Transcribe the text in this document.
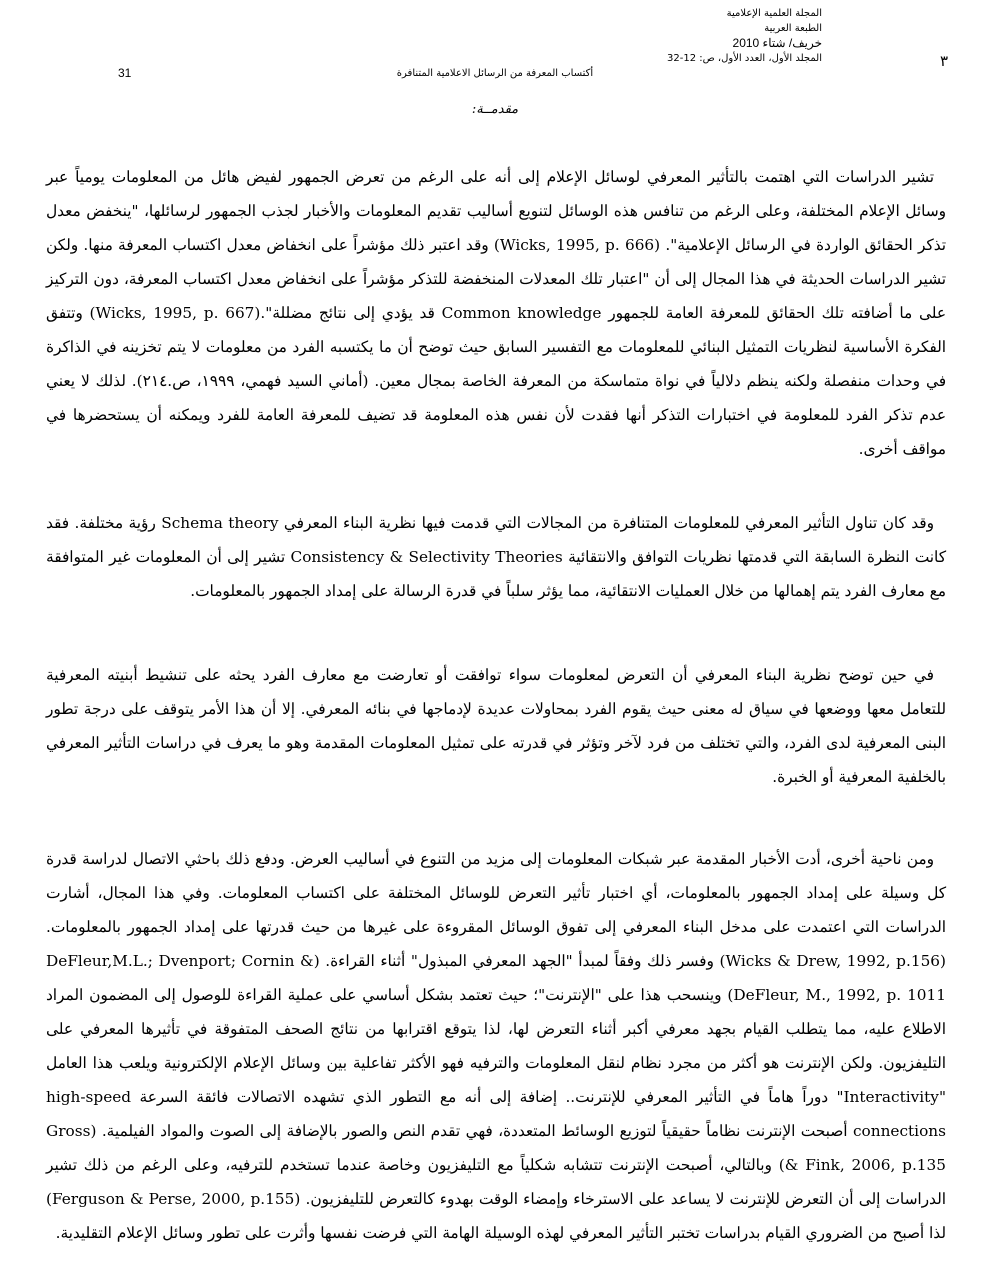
المجلة العلمية الإعلامية
الطبعة العربية
خريف/ شتاء 2010
المجلد الأول، العدد الأول، ص: 12-32	٣
31	أكتساب المعرفة من الرسائل الاعلامية المتنافرة
مقدمــة:

تشير الدراسات التي اهتمت بالتأثير المعرفي لوسائل الإعلام إلى أنه على الرغم من تعرض الجمهور لفيض هائل من المعلومات يومياً عبر وسائل الإعلام المختلفة، وعلى الرغم من تنافس هذه الوسائل لتنويع أساليب تقديم المعلومات والأخبار لجذب الجمهور لرسائلها، "ينخفض معدل تذكر الحقائق الواردة في الرسائل الإعلامية". (Wicks, 1995, p. 666) وقد اعتبر ذلك مؤشراً على انخفاض معدل اكتساب المعرفة منها. ولكن تشير الدراسات الحديثة في هذا المجال إلى أن "اعتبار تلك المعدلات المنخفضة للتذكر مؤشراً على انخفاض معدل اكتساب المعرفة، دون التركيز على ما أضافته تلك الحقائق للمعرفة العامة للجمهور Common knowledge قد يؤدي إلى نتائج مضللة".(Wicks, 1995, p. 667) وتتفق الفكرة الأساسية لنظريات التمثيل البنائي للمعلومات مع التفسير السابق حيث توضح أن ما يكتسبه الفرد من معلومات لا يتم تخزينه في الذاكرة في وحدات منفصلة ولكنه ينظم دلالياً في نواة متماسكة من المعرفة الخاصة بمجال معين. (أماني السيد فهمي، ١٩٩٩، ص.٢١٤). لذلك لا يعني عدم تذكر الفرد للمعلومة في اختبارات التذكر أنها فقدت لأن نفس هذه المعلومة قد تضيف للمعرفة العامة للفرد ويمكنه أن يستحضرها في مواقف أخرى.

وقد كان تناول التأثير المعرفي للمعلومات المتنافرة من المجالات التي قدمت فيها نظرية البناء المعرفي Schema theory رؤية مختلفة. فقد كانت النظرة السابقة التي قدمتها نظريات التوافق والانتقائية Consistency & Selectivity Theories تشير إلى أن المعلومات غير المتوافقة مع معارف الفرد يتم إهمالها من خلال العمليات الانتقائية، مما يؤثر سلباً في قدرة الرسالة على إمداد الجمهور بالمعلومات.

في حين توضح نظرية البناء المعرفي أن التعرض لمعلومات سواء توافقت أو تعارضت مع معارف الفرد يحثه على تنشيط أبنيته المعرفية للتعامل معها ووضعها في سياق له معنى حيث يقوم الفرد بمحاولات عديدة لإدماجها في بنائه المعرفي. إلا أن هذا الأمر يتوقف على درجة تطور البنى المعرفية لدى الفرد، والتي تختلف من فرد لآخر وتؤثر في قدرته على تمثيل المعلومات المقدمة وهو ما يعرف في دراسات التأثير المعرفي بالخلفية المعرفية أو الخبرة.

ومن ناحية أخرى، أدت الأخبار المقدمة عبر شبكات المعلومات إلى مزيد من التنوع في أساليب العرض. ودفع ذلك باحثي الاتصال لدراسة قدرة كل وسيلة على إمداد الجمهور بالمعلومات، أي اختبار تأثير التعرض للوسائل المختلفة على اكتساب المعلومات. وفي هذا المجال، أشارت الدراسات التي اعتمدت على مدخل البناء المعرفي إلى تفوق الوسائل المقروءة على غيرها من حيث قدرتها على إمداد الجمهور بالمعلومات. (Wicks & Drew, 1992, p.156) وفسر ذلك وفقاً لمبدأ "الجهد المعرفي المبذول" أثناء القراءة. (DeFleur,M.L.; Dvenport; Cornin & DeFleur, M., 1992, p. 1011) وينسحب هذا على "الإنترنت"؛ حيث تعتمد بشكل أساسي على عملية القراءة للوصول إلى المضمون المراد الاطلاع عليه، مما يتطلب القيام بجهد معرفي أكبر أثناء التعرض لها، لذا يتوقع اقترابها من نتائج الصحف المتفوقة في تأثيرها المعرفي على التليفزيون. ولكن الإنترنت هو أكثر من مجرد نظام لنقل المعلومات والترفيه فهو الأكثر تفاعلية بين وسائل الإعلام الإلكترونية ويلعب هذا العامل "Interactivity" دوراً هاماً في التأثير المعرفي للإنترنت.. إضافة إلى أنه مع التطور الذي تشهده الاتصالات فائقة السرعة high-speed connections أصبحت الإنترنت نظاماً حقيقياً لتوزيع الوسائط المتعددة، فهي تقدم النص والصور بالإضافة إلى الصوت والمواد الفيلمية. (Gross & Fink, 2006, p.135) وبالتالي، أصبحت الإنترنت تتشابه شكلياً مع التليفزيون وخاصة عندما تستخدم للترفيه، وعلى الرغم من ذلك تشير الدراسات إلى أن التعرض للإنترنت لا يساعد على الاسترخاء وإمضاء الوقت بهدوء كالتعرض للتليفزيون. (Ferguson & Perse, 2000, p.155) لذا أصبح من الضروري القيام بدراسات تختبر التأثير المعرفي لهذه الوسيلة الهامة التي فرضت نفسها وأثرت على تطور وسائل الإعلام التقليدية.
